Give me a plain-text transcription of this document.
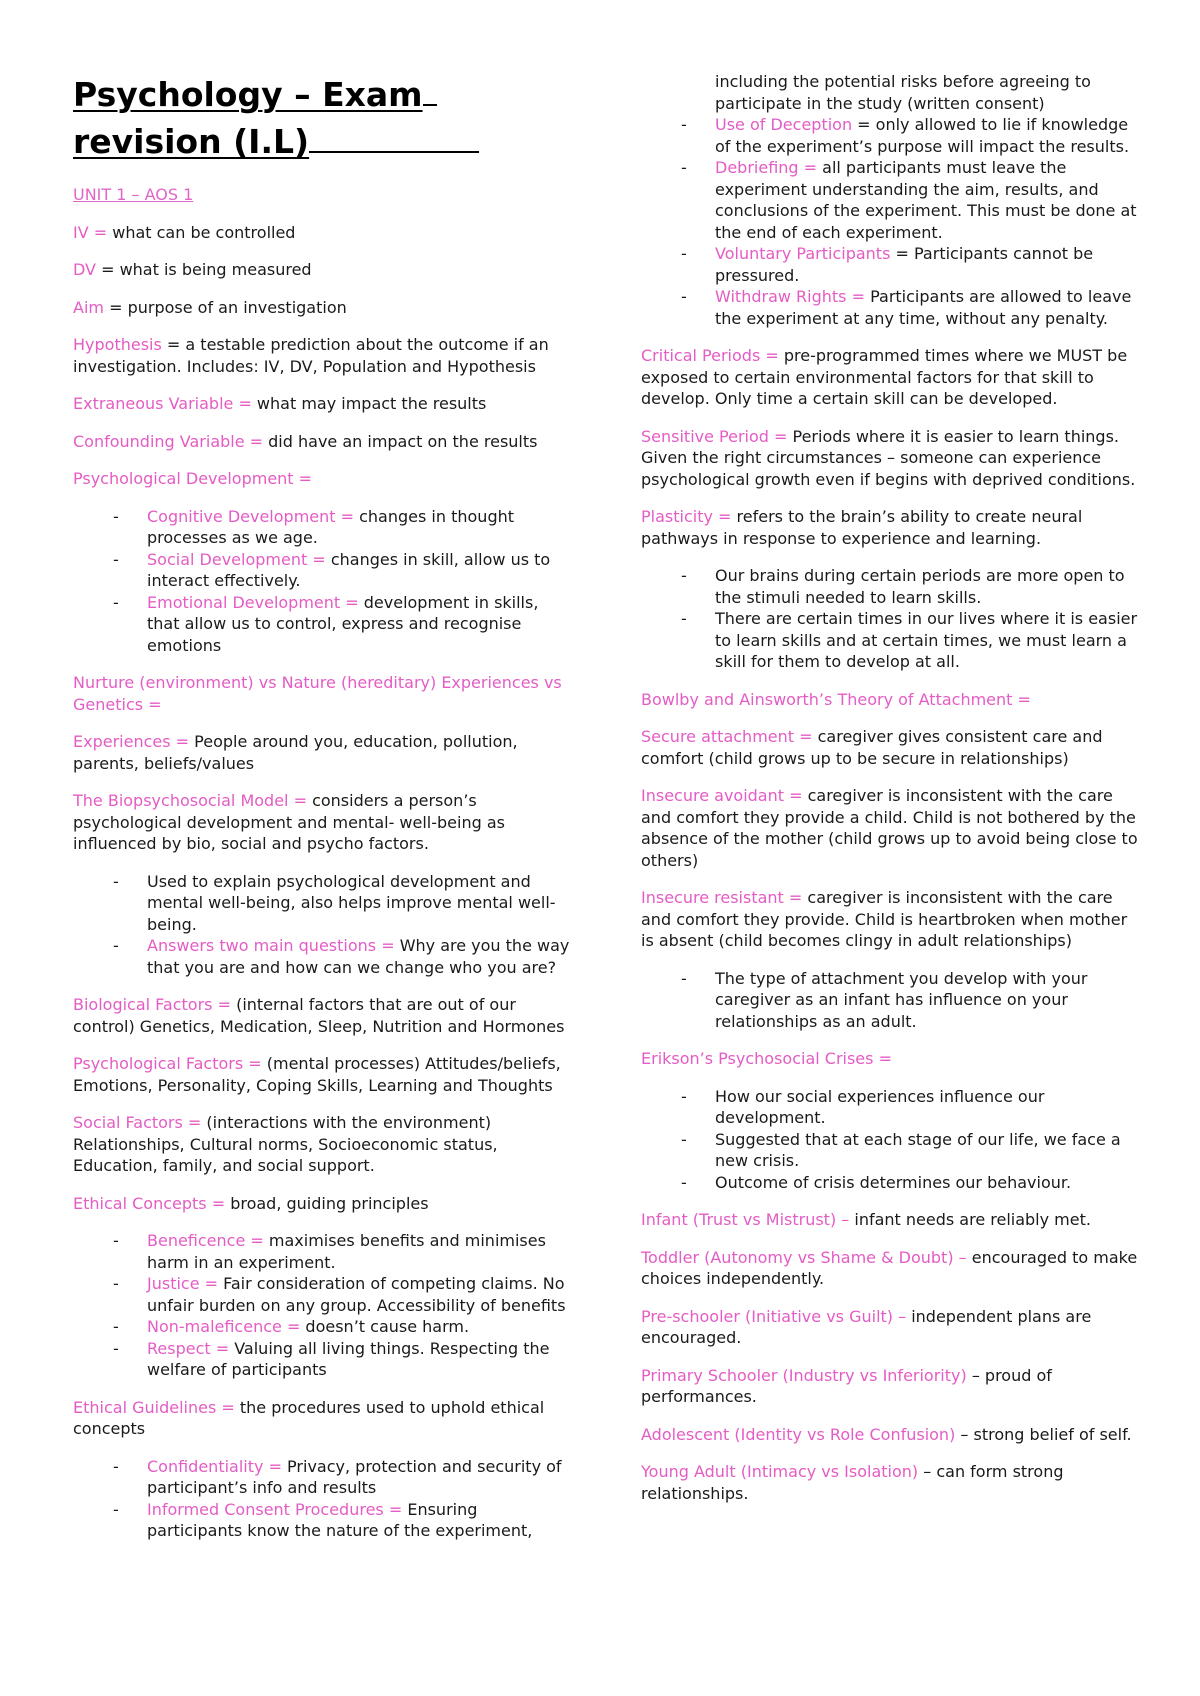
Psychology – Exam
revision (I.L)
UNIT 1 – AOS 1

IV = what can be controlled

DV = what is being measured

Aim = purpose of an investigation

Hypothesis = a testable prediction about the outcome if an investigation. Includes: IV, DV, Population and Hypothesis

Extraneous Variable = what may impact the results

Confounding Variable = did have an impact on the results

Psychological Development =

- Cognitive Development = changes in thought processes as we age.
- Social Development = changes in skill, allow us to interact effectively.
- Emotional Development = development in skills, that allow us to control, express and recognise emotions

Nurture (environment) vs Nature (hereditary) Experiences vs Genetics =

Experiences = People around you, education, pollution, parents, beliefs/values

The Biopsychosocial Model = considers a person’s psychological development and mental- well-being as influenced by bio, social and psycho factors.

- Used to explain psychological development and mental well-being, also helps improve mental well-being.
- Answers two main questions = Why are you the way that you are and how can we change who you are?

Biological Factors = (internal factors that are out of our control) Genetics, Medication, Sleep, Nutrition and Hormones

Psychological Factors = (mental processes) Attitudes/beliefs, Emotions, Personality, Coping Skills, Learning and Thoughts

Social Factors = (interactions with the environment) Relationships, Cultural norms, Socioeconomic status, Education, family, and social support.

Ethical Concepts = broad, guiding principles

- Beneficence = maximises benefits and minimises harm in an experiment.
- Justice = Fair consideration of competing claims. No unfair burden on any group. Accessibility of benefits
- Non-maleficence = doesn’t cause harm.
- Respect = Valuing all living things. Respecting the welfare of participants

Ethical Guidelines = the procedures used to uphold ethical concepts

- Confidentiality = Privacy, protection and security of participant’s info and results
- Informed Consent Procedures = Ensuring participants know the nature of the experiment,
including the potential risks before agreeing to participate in the study (written consent)
- Use of Deception = only allowed to lie if knowledge of the experiment’s purpose will impact the results.
- Debriefing = all participants must leave the experiment understanding the aim, results, and conclusions of the experiment. This must be done at the end of each experiment.
- Voluntary Participants = Participants cannot be pressured.
- Withdraw Rights = Participants are allowed to leave the experiment at any time, without any penalty.

Critical Periods = pre-programmed times where we MUST be exposed to certain environmental factors for that skill to develop. Only time a certain skill can be developed.

Sensitive Period = Periods where it is easier to learn things. Given the right circumstances – someone can experience psychological growth even if begins with deprived conditions.

Plasticity = refers to the brain’s ability to create neural pathways in response to experience and learning.

- Our brains during certain periods are more open to the stimuli needed to learn skills.
- There are certain times in our lives where it is easier to learn skills and at certain times, we must learn a skill for them to develop at all.

Bowlby and Ainsworth’s Theory of Attachment =

Secure attachment = caregiver gives consistent care and comfort (child grows up to be secure in relationships)

Insecure avoidant = caregiver is inconsistent with the care and comfort they provide a child. Child is not bothered by the absence of the mother (child grows up to avoid being close to others)

Insecure resistant = caregiver is inconsistent with the care and comfort they provide. Child is heartbroken when mother is absent (child becomes clingy in adult relationships)

- The type of attachment you develop with your caregiver as an infant has influence on your relationships as an adult.

Erikson’s Psychosocial Crises =

- How our social experiences influence our development.
- Suggested that at each stage of our life, we face a new crisis.
- Outcome of crisis determines our behaviour.

Infant (Trust vs Mistrust) – infant needs are reliably met.

Toddler (Autonomy vs Shame & Doubt) – encouraged to make choices independently.

Pre-schooler (Initiative vs Guilt) – independent plans are encouraged.

Primary Schooler (Industry vs Inferiority) – proud of performances.

Adolescent (Identity vs Role Confusion) – strong belief of self.

Young Adult (Intimacy vs Isolation) – can form strong relationships.
